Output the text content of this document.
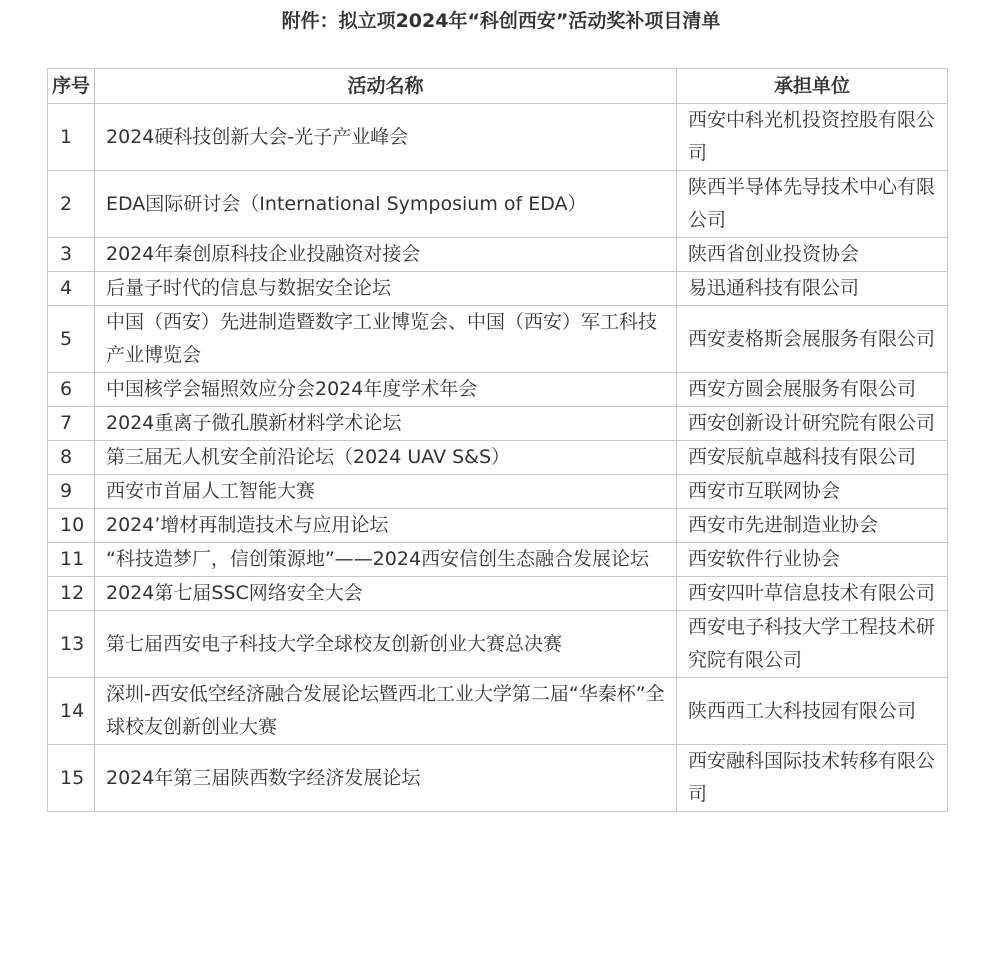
附件：拟立项2024年“科创西安”活动奖补项目清单
序号	活动名称	承担单位
1	2024硬科技创新大会-光子产业峰会	西安中科光机投资控股有限公司
2	EDA国际研讨会（International Symposium of EDA）	陕西半导体先导技术中心有限公司
3	2024年秦创原科技企业投融资对接会	陕西省创业投资协会
4	后量子时代的信息与数据安全论坛	易迅通科技有限公司
5	中国（西安）先进制造暨数字工业博览会、中国（西安）军工科技产业博览会	西安麦格斯会展服务有限公司
6	中国核学会辐照效应分会2024年度学术年会	西安方圆会展服务有限公司
7	2024重离子微孔膜新材料学术论坛	西安创新设计研究院有限公司
8	第三届无人机安全前沿论坛（2024 UAV S&S）	西安辰航卓越科技有限公司
9	西安市首届人工智能大赛	西安市互联网协会
10	2024’增材再制造技术与应用论坛	西安市先进制造业协会
11	“科技造梦厂，信创策源地”——2024西安信创生态融合发展论坛	西安软件行业协会
12	2024第七届SSC网络安全大会	西安四叶草信息技术有限公司
13	第七届西安电子科技大学全球校友创新创业大赛总决赛	西安电子科技大学工程技术研究院有限公司
14	深圳-西安低空经济融合发展论坛暨西北工业大学第二届“华秦杯”全球校友创新创业大赛	陕西西工大科技园有限公司
15	2024年第三届陕西数字经济发展论坛	西安融科国际技术转移有限公司
